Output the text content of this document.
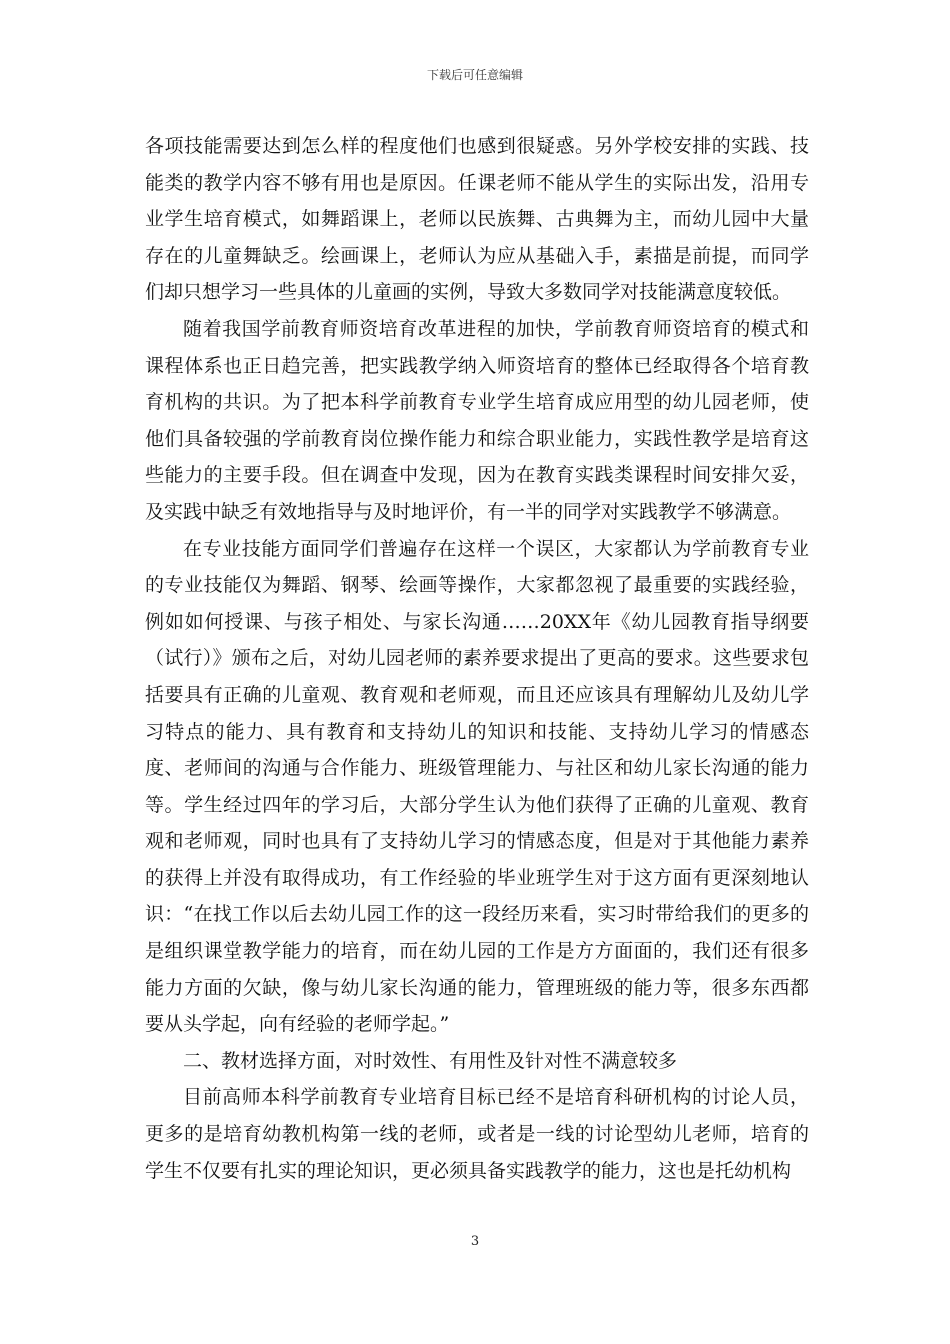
下载后可任意编辑

各项技能需要达到怎么样的程度他们也感到很疑惑。另外学校安排的实践、技能类的教学内容不够有用也是原因。任课老师不能从学生的实际出发，沿用专业学生培育模式，如舞蹈课上，老师以民族舞、古典舞为主，而幼儿园中大量存在的儿童舞缺乏。绘画课上，老师认为应从基础入手，素描是前提，而同学们却只想学习一些具体的儿童画的实例，导致大多数同学对技能满意度较低。

随着我国学前教育师资培育改革进程的加快，学前教育师资培育的模式和课程体系也正日趋完善，把实践教学纳入师资培育的整体已经取得各个培育教育机构的共识。为了把本科学前教育专业学生培育成应用型的幼儿园老师，使他们具备较强的学前教育岗位操作能力和综合职业能力，实践性教学是培育这些能力的主要手段。但在调查中发现，因为在教育实践类课程时间安排欠妥，及实践中缺乏有效地指导与及时地评价，有一半的同学对实践教学不够满意。

在专业技能方面同学们普遍存在这样一个误区，大家都认为学前教育专业的专业技能仅为舞蹈、钢琴、绘画等操作，大家都忽视了最重要的实践经验，例如如何授课、与孩子相处、与家长沟通……20XX年《幼儿园教育指导纲要（试行）》颁布之后，对幼儿园老师的素养要求提出了更高的要求。这些要求包括要具有正确的儿童观、教育观和老师观，而且还应该具有理解幼儿及幼儿学习特点的能力、具有教育和支持幼儿的知识和技能、支持幼儿学习的情感态度、老师间的沟通与合作能力、班级管理能力、与社区和幼儿家长沟通的能力等。学生经过四年的学习后，大部分学生认为他们获得了正确的儿童观、教育观和老师观，同时也具有了支持幼儿学习的情感态度，但是对于其他能力素养的获得上并没有取得成功，有工作经验的毕业班学生对于这方面有更深刻地认识：“在找工作以后去幼儿园工作的这一段经历来看，实习时带给我们的更多的是组织课堂教学能力的培育，而在幼儿园的工作是方方面面的，我们还有很多能力方面的欠缺，像与幼儿家长沟通的能力，管理班级的能力等，很多东西都要从头学起，向有经验的老师学起。”

二、教材选择方面，对时效性、有用性及针对性不满意较多

目前高师本科学前教育专业培育目标已经不是培育科研机构的讨论人员，更多的是培育幼教机构第一线的老师，或者是一线的讨论型幼儿老师，培育的学生不仅要有扎实的理论知识，更必须具备实践教学的能力，这也是托幼机构

3
